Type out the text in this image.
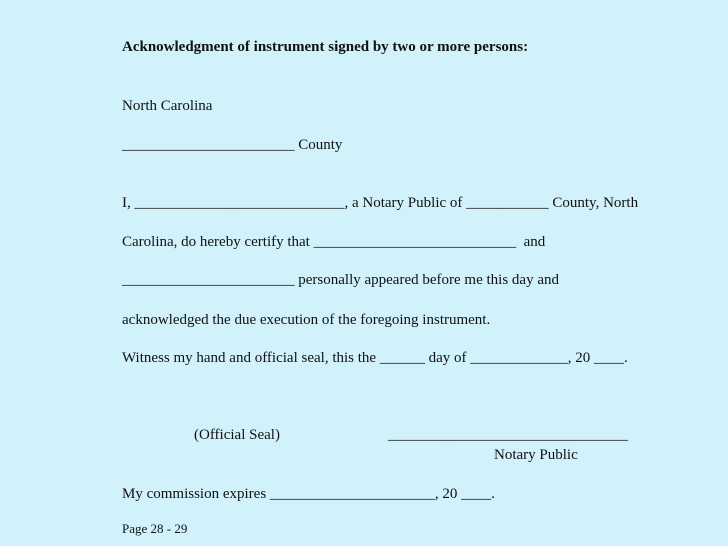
Acknowledgment of instrument signed by two or more persons:
North Carolina
_______________________ County
I, ____________________________, a Notary Public of ___________ County, North
Carolina, do hereby certify that ___________________________  and
_______________________ personally appeared before me this day and
acknowledged the due execution of the foregoing instrument.
Witness my hand and official seal, this the ______ day of _____________, 20 ____.
(Official Seal)	________________________________
Notary Public
My commission expires ______________________, 20 ____.
Page 28 - 29
